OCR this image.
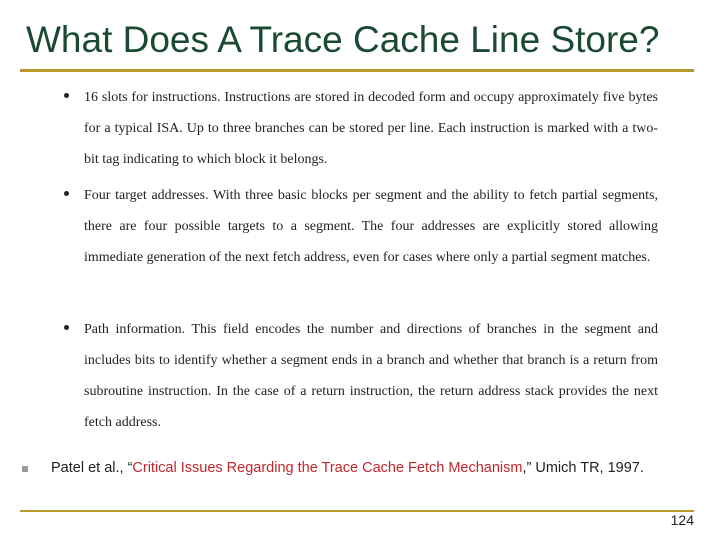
What Does A Trace Cache Line Store?
16 slots for instructions. Instructions are stored in decoded form and occupy approximately five bytes for a typical ISA. Up to three branches can be stored per line. Each instruction is marked with a two-bit tag indicating to which block it belongs.
Four target addresses. With three basic blocks per segment and the ability to fetch partial segments, there are four possible targets to a segment. The four addresses are explicitly stored allowing immediate generation of the next fetch address, even for cases where only a partial segment matches.
Path information. This field encodes the number and directions of branches in the segment and includes bits to identify whether a segment ends in a branch and whether that branch is a return from subroutine instruction. In the case of a return instruction, the return address stack provides the next fetch address.
Patel et al., “Critical Issues Regarding the Trace Cache Fetch Mechanism,” Umich TR, 1997.
124
